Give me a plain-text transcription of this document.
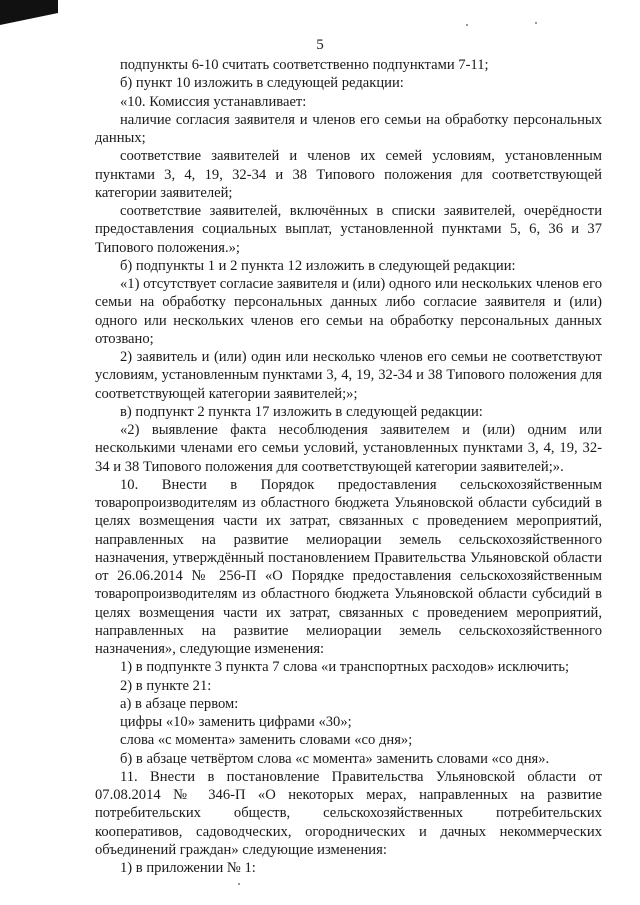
5

подпункты 6-10 считать соответственно подпунктами 7-11;

б) пункт 10 изложить в следующей редакции:

«10. Комиссия устанавливает:

наличие согласия заявителя и членов его семьи на обработку персональных данных;

соответствие заявителей и членов их семей условиям, установленным пунктами 3, 4, 19, 32-34 и 38 Типового положения для соответствующей категории заявителей;

соответствие заявителей, включённых в списки заявителей, очерёдности предоставления социальных выплат, установленной пунктами 5, 6, 36 и 37 Типового положения.»;

б) подпункты 1 и 2 пункта 12 изложить в следующей редакции:

«1) отсутствует согласие заявителя и (или) одного или нескольких членов его семьи на обработку персональных данных либо согласие заявителя и (или) одного или нескольких членов его семьи на обработку персональных данных отозвано;

2) заявитель и (или) один или несколько членов его семьи не соответствуют условиям, установленным пунктами 3, 4, 19, 32-34 и 38 Типового положения для соответствующей категории заявителей;»;

в) подпункт 2 пункта 17 изложить в следующей редакции:

«2) выявление факта несоблюдения заявителем и (или) одним или несколькими членами его семьи условий, установленных пунктами 3, 4, 19, 32-34 и 38 Типового положения для соответствующей категории заявителей;».

10. Внести в Порядок предоставления сельскохозяйственным товаропроизводителям из областного бюджета Ульяновской области субсидий в целях возмещения части их затрат, связанных с проведением мероприятий, направленных на развитие мелиорации земель сельскохозяйственного назначения, утверждённый постановлением Правительства Ульяновской области от 26.06.2014 № 256-П «О Порядке предоставления сельскохозяйственным товаропроизводителям из областного бюджета Ульяновской области субсидий в целях возмещения части их затрат, связанных с проведением мероприятий, направленных на развитие мелиорации земель сельскохозяйственного назначения», следующие изменения:

1) в подпункте 3 пункта 7 слова «и транспортных расходов» исключить;

2) в пункте 21:

а) в абзаце первом:

цифры «10» заменить цифрами «30»;

слова «с момента» заменить словами «со дня»;

б) в абзаце четвёртом слова «с момента» заменить словами «со дня».

11. Внести в постановление Правительства Ульяновской области от 07.08.2014 № 346-П «О некоторых мерах, направленных на развитие потребительских обществ, сельскохозяйственных потребительских кооперативов, садоводческих, огороднических и дачных некоммерческих объединений граждан» следующие изменения:

1) в приложении № 1:
